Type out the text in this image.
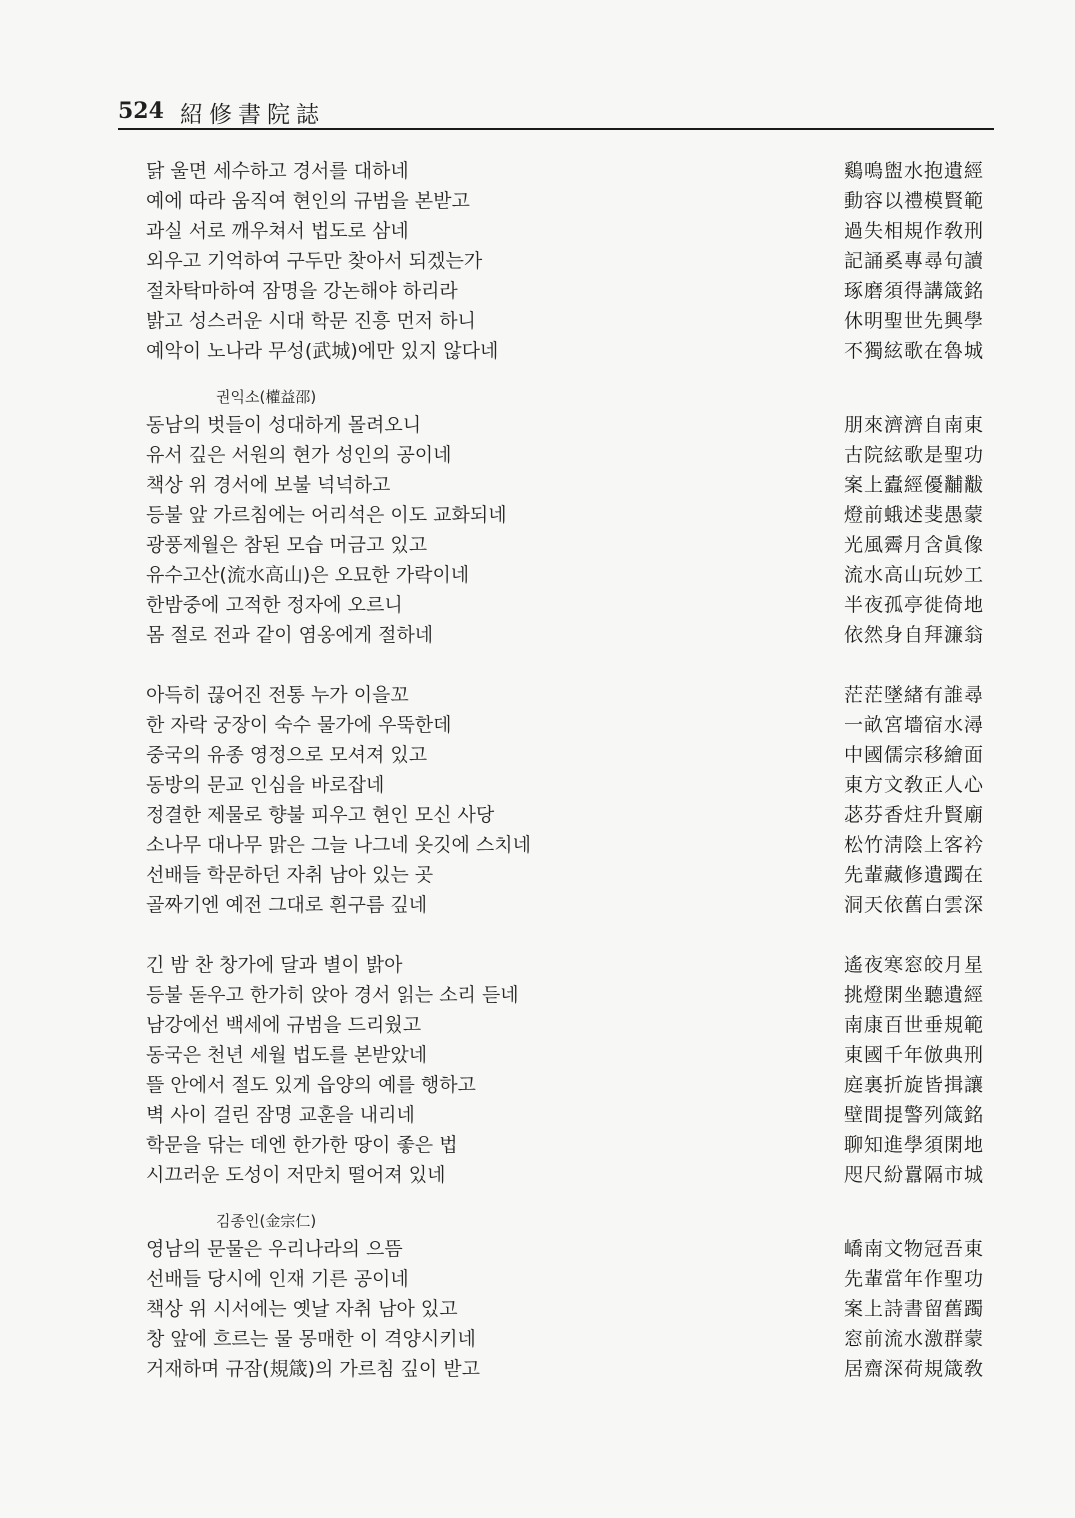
524 紹修書院誌
닭 울면 세수하고 경서를 대하네	鷄鳴盥水抱遺經
예에 따라 움직여 현인의 규범을 본받고	動容以禮模賢範
과실 서로 깨우쳐서 법도로 삼네	過失相規作敎刑
외우고 기억하여 구두만 찾아서 되겠는가	記誦奚專尋句讀
절차탁마하여 잠명을 강논해야 하리라	琢磨須得講箴銘
밝고 성스러운 시대 학문 진흥 먼저 하니	休明聖世先興學
예악이 노나라 무성(武城)에만 있지 않다네	不獨絃歌在魯城
권익소(權益邵)
동남의 벗들이 성대하게 몰려오니	朋來濟濟自南東
유서 깊은 서원의 현가 성인의 공이네	古院絃歌是聖功
책상 위 경서에 보불 넉넉하고	案上蠹經優黼黻
등불 앞 가르침에는 어리석은 이도 교화되네	燈前蛾述斐愚蒙
광풍제월은 참된 모습 머금고 있고	光風霽月含眞像
유수고산(流水高山)은 오묘한 가락이네	流水高山玩妙工
한밤중에 고적한 정자에 오르니	半夜孤亭徙倚地
몸 절로 전과 같이 염옹에게 절하네	依然身自拜濂翁
아득히 끊어진 전통 누가 이을꼬	茫茫墜緖有誰尋
한 자락 궁장이 숙수 물가에 우뚝한데	一畝宮墻宿水潯
중국의 유종 영정으로 모셔져 있고	中國儒宗移繪面
동방의 문교 인심을 바로잡네	東方文敎正人心
정결한 제물로 향불 피우고 현인 모신 사당	苾芬香炷升賢廟
소나무 대나무 맑은 그늘 나그네 옷깃에 스치네	松竹淸陰上客衿
선배들 학문하던 자취 남아 있는 곳	先輩藏修遺躅在
골짜기엔 예전 그대로 흰구름 깊네	洞天依舊白雲深
긴 밤 찬 창가에 달과 별이 밝아	遙夜寒窓皎月星
등불 돋우고 한가히 앉아 경서 읽는 소리 듣네	挑燈閑坐聽遺經
남강에선 백세에 규범을 드리웠고	南康百世垂規範
동국은 천년 세월 법도를 본받았네	東國千年倣典刑
뜰 안에서 절도 있게 읍양의 예를 행하고	庭裏折旋皆揖讓
벽 사이 걸린 잠명 교훈을 내리네	壁間提警列箴銘
학문을 닦는 데엔 한가한 땅이 좋은 법	聊知進學須閑地
시끄러운 도성이 저만치 떨어져 있네	咫尺紛囂隔市城
김종인(金宗仁)
영남의 문물은 우리나라의 으뜸	嶠南文物冠吾東
선배들 당시에 인재 기른 공이네	先輩當年作聖功
책상 위 시서에는 옛날 자취 남아 있고	案上詩書留舊躅
창 앞에 흐르는 물 몽매한 이 격양시키네	窓前流水激群蒙
거재하며 규잠(規箴)의 가르침 깊이 받고	居齋深荷規箴敎
